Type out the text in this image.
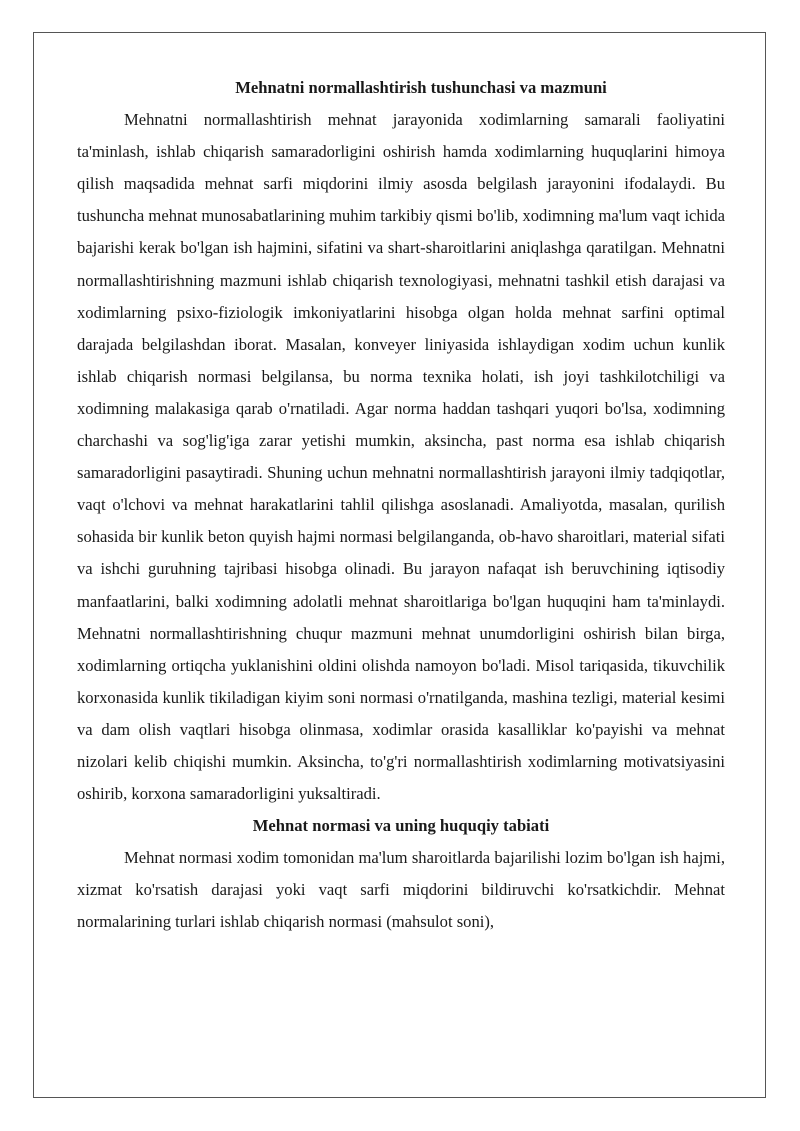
Mehnatni normallashtirish tushunchasi va mazmuni

Mehnatni normallashtirish mehnat jarayonida xodimlarning samarali faoliyatini ta'minlash, ishlab chiqarish samaradorligini oshirish hamda xodimlarning huquqlarini himoya qilish maqsadida mehnat sarfi miqdorini ilmiy asosda belgilash jarayonini ifodalaydi. Bu tushuncha mehnat munosabatlarining muhim tarkibiy qismi bo'lib, xodimning ma'lum vaqt ichida bajarishi kerak bo'lgan ish hajmini, sifatini va shart-sharoitlarini aniqlashga qaratilgan. Mehnatni normallashtirishning mazmuni ishlab chiqarish texnologiyasi, mehnatni tashkil etish darajasi va xodimlarning psixo-fiziologik imkoniyatlarini hisobga olgan holda mehnat sarfini optimal darajada belgilashdan iborat. Masalan, konveyer liniyasida ishlaydigan xodim uchun kunlik ishlab chiqarish normasi belgilansa, bu norma texnika holati, ish joyi tashkilotchiligi va xodimning malakasiga qarab o'rnatiladi. Agar norma haddan tashqari yuqori bo'lsa, xodimning charchashi va sog'lig'iga zarar yetishi mumkin, aksincha, past norma esa ishlab chiqarish samaradorligini pasaytiradi. Shuning uchun mehnatni normallashtirish jarayoni ilmiy tadqiqotlar, vaqt o'lchovi va mehnat harakatlarini tahlil qilishga asoslanadi. Amaliyotda, masalan, qurilish sohasida bir kunlik beton quyish hajmi normasi belgilanganda, ob-havo sharoitlari, material sifati va ishchi guruhning tajribasi hisobga olinadi. Bu jarayon nafaqat ish beruvchining iqtisodiy manfaatlarini, balki xodimning adolatli mehnat sharoitlariga bo'lgan huquqini ham ta'minlaydi. Mehnatni normallashtirishning chuqur mazmuni mehnat unumdorligini oshirish bilan birga, xodimlarning ortiqcha yuklanishini oldini olishda namoyon bo'ladi. Misol tariqasida, tikuvchilik korxonasida kunlik tikiladigan kiyim soni normasi o'rnatilganda, mashina tezligi, material kesimi va dam olish vaqtlari hisobga olinmasa, xodimlar orasida kasalliklar ko'payishi va mehnat nizolari kelib chiqishi mumkin. Aksincha, to'g'ri normallashtirish xodimlarning motivatsiyasini oshirib, korxona samaradorligini yuksaltiradi.

Mehnat normasi va uning huquqiy tabiati

Mehnat normasi xodim tomonidan ma'lum sharoitlarda bajarilishi lozim bo'lgan ish hajmi, xizmat ko'rsatish darajasi yoki vaqt sarfi miqdorini bildiruvchi ko'rsatkichdir. Mehnat normalarining turlari ishlab chiqarish normasi (mahsulot soni),
